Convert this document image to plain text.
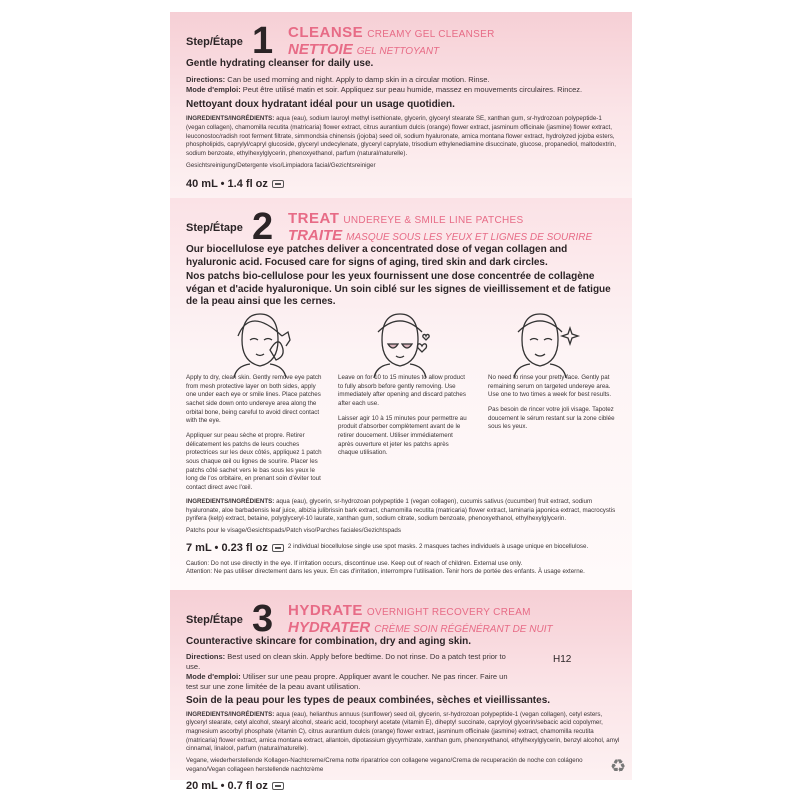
Step/Étape 1 CLEANSE CREAMY GEL CLEANSER
NETTOIE GEL NETTOYANT
Gentle hydrating cleanser for daily use.
Directions: Can be used morning and night. Apply to damp skin in a circular motion. Rinse.
Mode d'emploi: Peut être utilisé matin et soir. Appliquez sur peau humide, massez en mouvements circulaires. Rincez.
Nettoyant doux hydratant idéal pour un usage quotidien.
INGREDIENTS/INGRÉDIENTS: aqua (eau), sodium lauroyl methyl isethionate, glycerin, glyceryl stearate SE, xanthan gum, sr-hydrozoan polypeptide-1 (vegan collagen), chamomilla recutita (matricaria) flower extract, citrus aurantium dulcis (orange) flower extract, jasminum officinale (jasmine) flower extract, leuconostoc/radish root ferment filtrate, simmondsia chinensis (jojoba) seed oil, sodium hyaluronate, arnica montana flower extract, hydrolyzed jojoba esters, phospholipids, caprylyl/capryl glucoside, glyceryl undecylenate, glyceryl caprylate, trisodium ethylenediamine disuccinate, glucose, propanediol, maltodextrin, sodium benzoate, ethylhexylglycerin, phenoxyethanol, parfum (natural/naturelle).
Gesichtsreinigung/Detergente viso/Limpiadora facial/Gezichtsreiniger
40 mL • 1.4 fl oz
Step/Étape 2 TREAT UNDEREYE & SMILE LINE PATCHES
TRAITE MASQUE SOUS LES YEUX ET LIGNES DE SOURIRE
Our biocellulose eye patches deliver a concentrated dose of vegan collagen and hyaluronic acid. Focused care for signs of aging, tired skin and dark circles.
Nos patchs bio-cellulose pour les yeux fournissent une dose concentrée de collagène végan et d'acide hyaluronique. Un soin ciblé sur les signes de vieillissement et de fatigue de la peau ainsi que les cernes.

Apply to dry, clean skin. Gently remove eye patch from mesh protective layer on both sides, apply one under each eye or smile lines. Place patches sachet side down onto undereye area along the orbital bone, being careful to avoid direct contact with the eye.

Appliquer sur peau sèche et propre. Retirer délicatement les patchs de leurs couches protectrices sur les deux côtés, appliquez 1 patch sous chaque œil ou lignes de sourire. Placer les patchs côté sachet vers le bas sous les yeux le long de l'os orbitaire, en prenant soin d'éviter tout contact direct avec l'œil.

Leave on for 10 to 15 minutes to allow product to fully absorb before gently removing. Use immediately after opening and discard patches after each use.

Laisser agir 10 à 15 minutes pour permettre au produit d'absorber complètement avant de le retirer doucement. Utiliser immédiatement après ouverture et jeter les patchs après chaque utilisation.

No need to rinse your pretty face. Gently pat remaining serum on targeted undereye area. Use one to two times a week for best results.

Pas besoin de rincer votre joli visage. Tapotez doucement le sérum restant sur la zone ciblée sous les yeux.

INGREDIENTS/INGRÉDIENTS: aqua (eau), glycerin, sr-hydrozoan polypeptide 1 (vegan collagen), cucumis sativus (cucumber) fruit extract, sodium hyaluronate, aloe barbadensis leaf juice, albizia julibrissin bark extract, chamomilla recutita (matricaria) flower extract, laminaria japonica extract, macrocystis pyrifera (kelp) extract, betaine, polyglyceryl-10 laurate, xanthan gum, sodium citrate, sodium benzoate, phenoxyethanol, ethylhexylglycerin.
Patchs pour le visage/Gesichtspads/Patch viso/Parches faciales/Gezichtspads
7 mL • 0.23 fl oz	2 individual biocellulose single use spot masks. 2 masques taches individuels à usage unique en biocellulose.
Caution: Do not use directly in the eye. If irritation occurs, discontinue use. Keep out of reach of children. External use only.
Attention: Ne pas utiliser directement dans les yeux. En cas d'irritation, interrompre l'utilisation. Tenir hors de portée des enfants. À usage externe.
Step/Étape 3 HYDRATE OVERNIGHT RECOVERY CREAM
HYDRATER CRÈME SOIN RÉGÉNÉRANT DE NUIT
Counteractive skincare for combination, dry and aging skin.
Directions: Best used on clean skin. Apply before bedtime. Do not rinse. Do a patch test prior to use.
Mode d'emploi: Utiliser sur une peau propre. Appliquer avant le coucher. Ne pas rincer. Faire un test sur une zone limitée de la peau avant utilisation.
Soin de la peau pour les types de peaux combinées, sèches et vieillissantes.
INGREDIENTS/INGRÉDIENTS: aqua (eau), helianthus annuus (sunflower) seed oil, glycerin, sr-hydrozoan polypeptide-1 (vegan collagen), cetyl esters, glyceryl stearate, cetyl alcohol, stearyl alcohol, stearic acid, tocopheryl acetate (vitamin E), dihepty! succinate, capryloyl glycerin/sebacic acid copolymer, magnesium ascorbyl phosphate (vitamin C), citrus aurantium dulcis (orange) flower extract, jasminum officinale (jasmine) extract, chamomilla recutita (matricaria) flower extract, arnica montana extract, allantoin, dipotassium glycyrrhizate, xanthan gum, phenoxyethanol, ethylhexylglycerin, benzyl alcohol, amyl cinnamal, linalool, parfum (natural/naturelle).
Vegane, wiederherstellende Kollagen-Nachtcreme/Crema notte riparatrice con collagene vegano/Crema de recuperación de noche con colágeno vegano/Vegan collageen herstellende nachtcrème
20 mL • 0.7 fl oz
H12
♻
